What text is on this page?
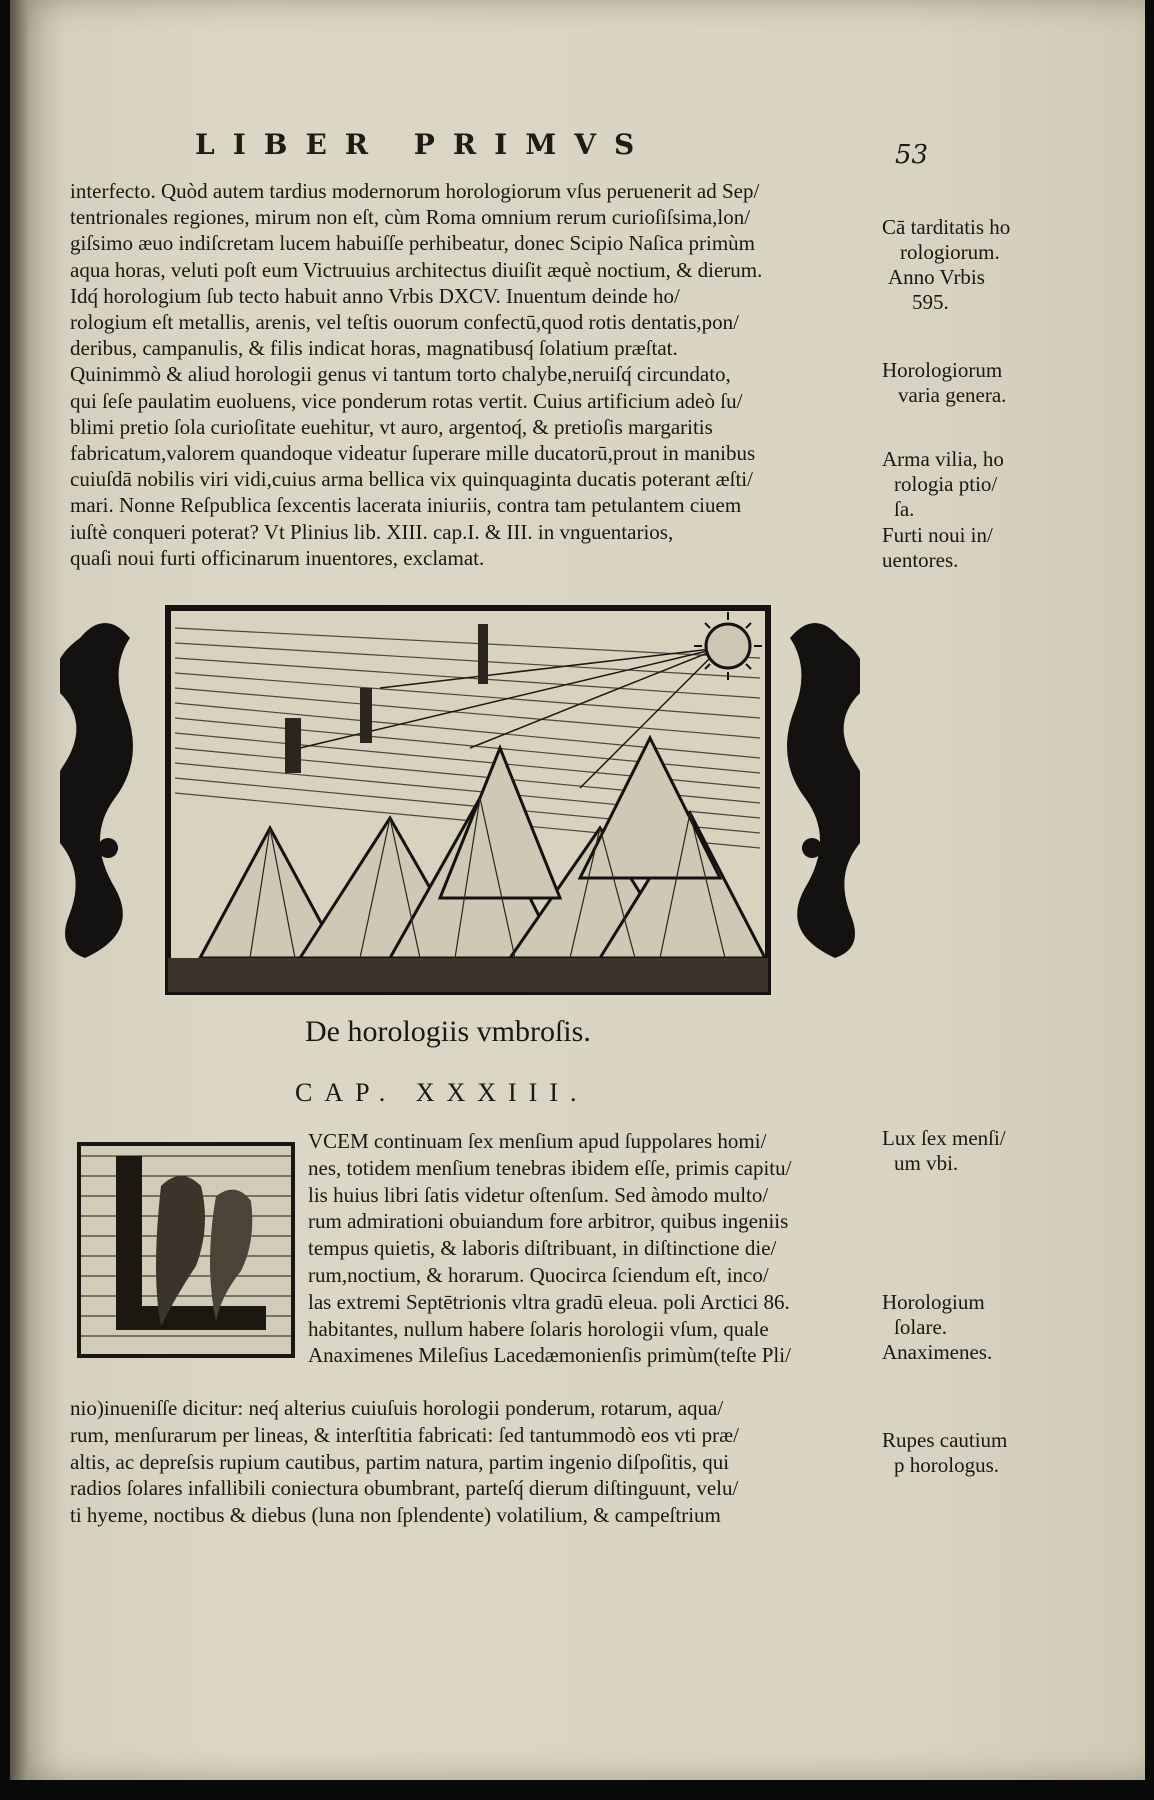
LIBER PRIMVS	53
interfecto. Quòd autem tardius modernorum horologiorum vſus peruenerit ad Sep/
tentrionales regiones, mirum non eſt, cùm Roma omnium rerum curioſiſsima,lon/
giſsimo æuo indiſcretam lucem habuiſſe perhibeatur, donec Scipio Naſica primùm
aqua horas, veluti poſt eum Victruuius architectus diuiſit æquè noctium, & dierum.
Idq́ horologium ſub tecto habuit anno Vrbis DXCV. Inuentum deinde ho/
rologium eſt metallis, arenis, vel teſtis ouorum confectū,quod rotis dentatis,pon/
deribus, campanulis, & filis indicat horas, magnatibusq́ ſolatium præſtat.
Quinimmò & aliud horologii genus vi tantum torto chalybe,neruiſq́ circundato,
qui ſeſe paulatim euoluens, vice ponderum rotas vertit. Cuius artificium adeò ſu/
blimi pretio ſola curioſitate euehitur, vt auro, argentoq́, & pretioſis margaritis
fabricatum,valorem quandoque videatur ſuperare mille ducatorū,prout in manibus
cuiuſdā nobilis viri vidi,cuius arma bellica vix quinquaginta ducatis poterant æſti/
mari. Nonne Reſpublica ſexcentis lacerata iniuriis, contra tam petulantem ciuem
iuſtè conqueri poterat? Vt Plinius lib. XIII. cap.I. & III. in vnguentarios,
quaſi noui furti officinarum inuentores, exclamat.
Cā tarditatis ho
rologiorum.
Anno Vrbis
595.
Horologiorum
varia genera.
Arma vilia, ho
rologia ptio/
ſa.
Furti noui in/
uentores.
Lux ſex menſi/
um vbi.
Horologium
ſolare.
Anaximenes.
Rupes cautium
p horologus.
De horologiis vmbroſis.
CAP. XXXIII.
VCEM continuam ſex menſium apud ſuppolares homi/
nes, totidem menſium tenebras ibidem eſſe, primis capitu/
lis huius libri ſatis videtur oſtenſum. Sed àmodo multo/
rum admirationi obuiandum fore arbitror, quibus ingeniis
tempus quietis, & laboris diſtribuant, in diſtinctione die/
rum,noctium, & horarum. Quocirca ſciendum eſt, inco/
las extremi Septētrionis vltra gradū eleua. poli Arctici 86.
habitantes, nullum habere ſolaris horologii vſum, quale
Anaximenes Mileſius Lacedæmonienſis primùm(teſte Pli/
nio)inueniſſe dicitur: neq́ alterius cuiuſuis horologii ponderum, rotarum, aqua/
rum, menſurarum per lineas, & interſtitia fabricati: ſed tantummodò eos vti præ/
altis, ac depreſsis rupium cautibus, partim natura, partim ingenio diſpoſitis, qui
radios ſolares infallibili coniectura obumbrant, parteſq́ dierum diſtinguunt, velu/
ti hyeme, noctibus & diebus (luna non ſplendente) volatilium, & campeſtrium
